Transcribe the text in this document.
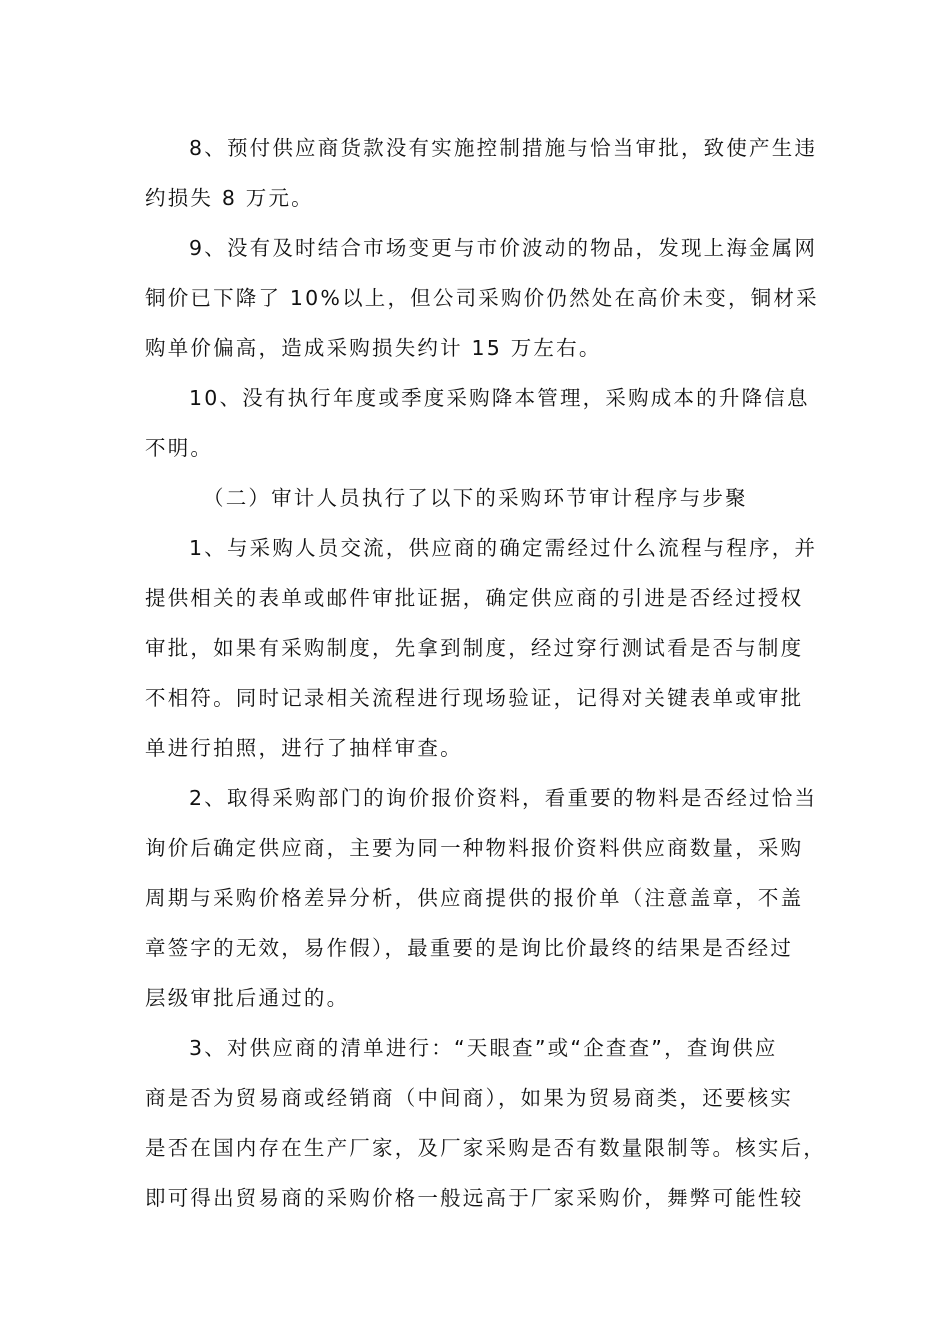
8、预付供应商货款没有实施控制措施与恰当审批，致使产生违
约损失 8 万元。
9、没有及时结合市场变更与市价波动的物品，发现上海金属网
铜价已下降了 10%以上，但公司采购价仍然处在高价未变，铜材采
购单价偏高，造成采购损失约计 15 万左右。
10、没有执行年度或季度采购降本管理，采购成本的升降信息
不明。
（二）审计人员执行了以下的采购环节审计程序与步聚
1、与采购人员交流，供应商的确定需经过什么流程与程序，并
提供相关的表单或邮件审批证据，确定供应商的引进是否经过授权
审批，如果有采购制度，先拿到制度，经过穿行测试看是否与制度
不相符。同时记录相关流程进行现场验证，记得对关键表单或审批
单进行拍照，进行了抽样审查。
2、取得采购部门的询价报价资料，看重要的物料是否经过恰当
询价后确定供应商，主要为同一种物料报价资料供应商数量，采购
周期与采购价格差异分析，供应商提供的报价单（注意盖章，不盖
章签字的无效，易作假），最重要的是询比价最终的结果是否经过
层级审批后通过的。
3、对供应商的清单进行：“天眼查”或“企查查”，查询供应
商是否为贸易商或经销商（中间商），如果为贸易商类，还要核实
是否在国内存在生产厂家，及厂家采购是否有数量限制等。核实后，
即可得出贸易商的采购价格一般远高于厂家采购价，舞弊可能性较
